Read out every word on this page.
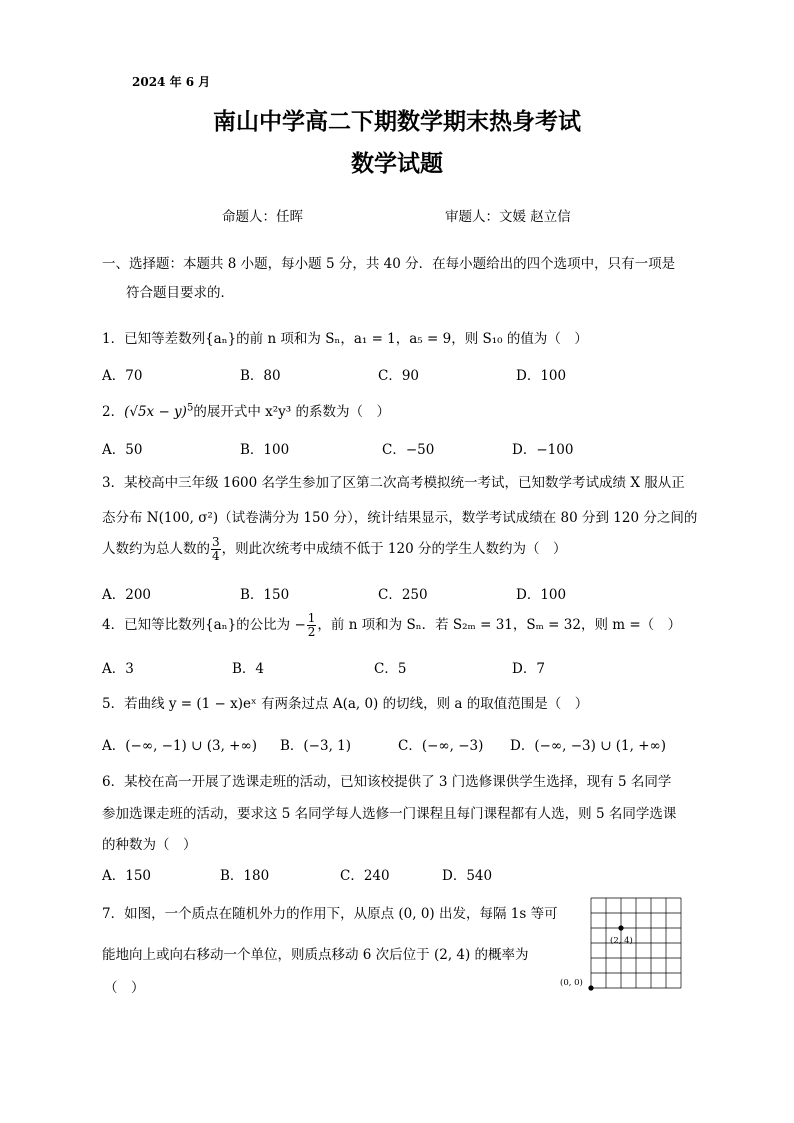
2024 年 6 月
南山中学高二下期数学期末热身考试
数学试题
命题人：任晖	审题人：文媛 赵立信
一、选择题：本题共 8 小题，每小题 5 分，共 40 分．在每小题给出的四个选项中，只有一项是
符合题目要求的．
1．已知等差数列{aₙ}的前 n 项和为 Sₙ，a₁ = 1，a₅ = 9，则 S₁₀ 的值为（　）
A．70	B．80	C．90	D．100
2．$(√5x - y)^5$的展开式中 x²y³ 的系数为（　）
A．50	B．100	C．−50	D．−100
3．某校高中三年级 1600 名学生参加了区第二次高考模拟统一考试，已知数学考试成绩 X 服从正
态分布 N(100, σ²)（试卷满分为 150 分），统计结果显示，数学考试成绩在 80 分到 120 分之间的
人数约为总人数的 $\frac{3}{4}$ ，则此次统考中成绩不低于 120 分的学生人数约为（　）
A．200	B．150	C．250	D．100
4．已知等比数列{aₙ}的公比为 − $\frac{1}{2}$ ，前 n 项和为 Sₙ．若 S₂ₘ = 31，Sₘ = 32，则 m =（　）
A．3	B．4	C．5	D．7
5．若曲线 y = (1 − x)eˣ 有两条过点 A(a, 0) 的切线，则 a 的取值范围是（　）
A．(−∞, −1) ∪ (3, +∞) B．(−3, 1)	C．(−∞, −3) D．(−∞, −3) ∪ (1, +∞)
6．某校在高一开展了选课走班的活动，已知该校提供了 3 门选修课供学生选择，现有 5 名同学
参加选课走班的活动，要求这 5 名同学每人选修一门课程且每门课程都有人选，则 5 名同学选课
的种数为（　）
A．150	B．180	C．240	D．540
7．如图，一个质点在随机外力的作用下，从原点 (0, 0) 出发，每隔 1s 等可
能地向上或向右移动一个单位，则质点移动 6 次后位于 (2, 4) 的概率为
（　）
(2, 4)
(0, 0)
